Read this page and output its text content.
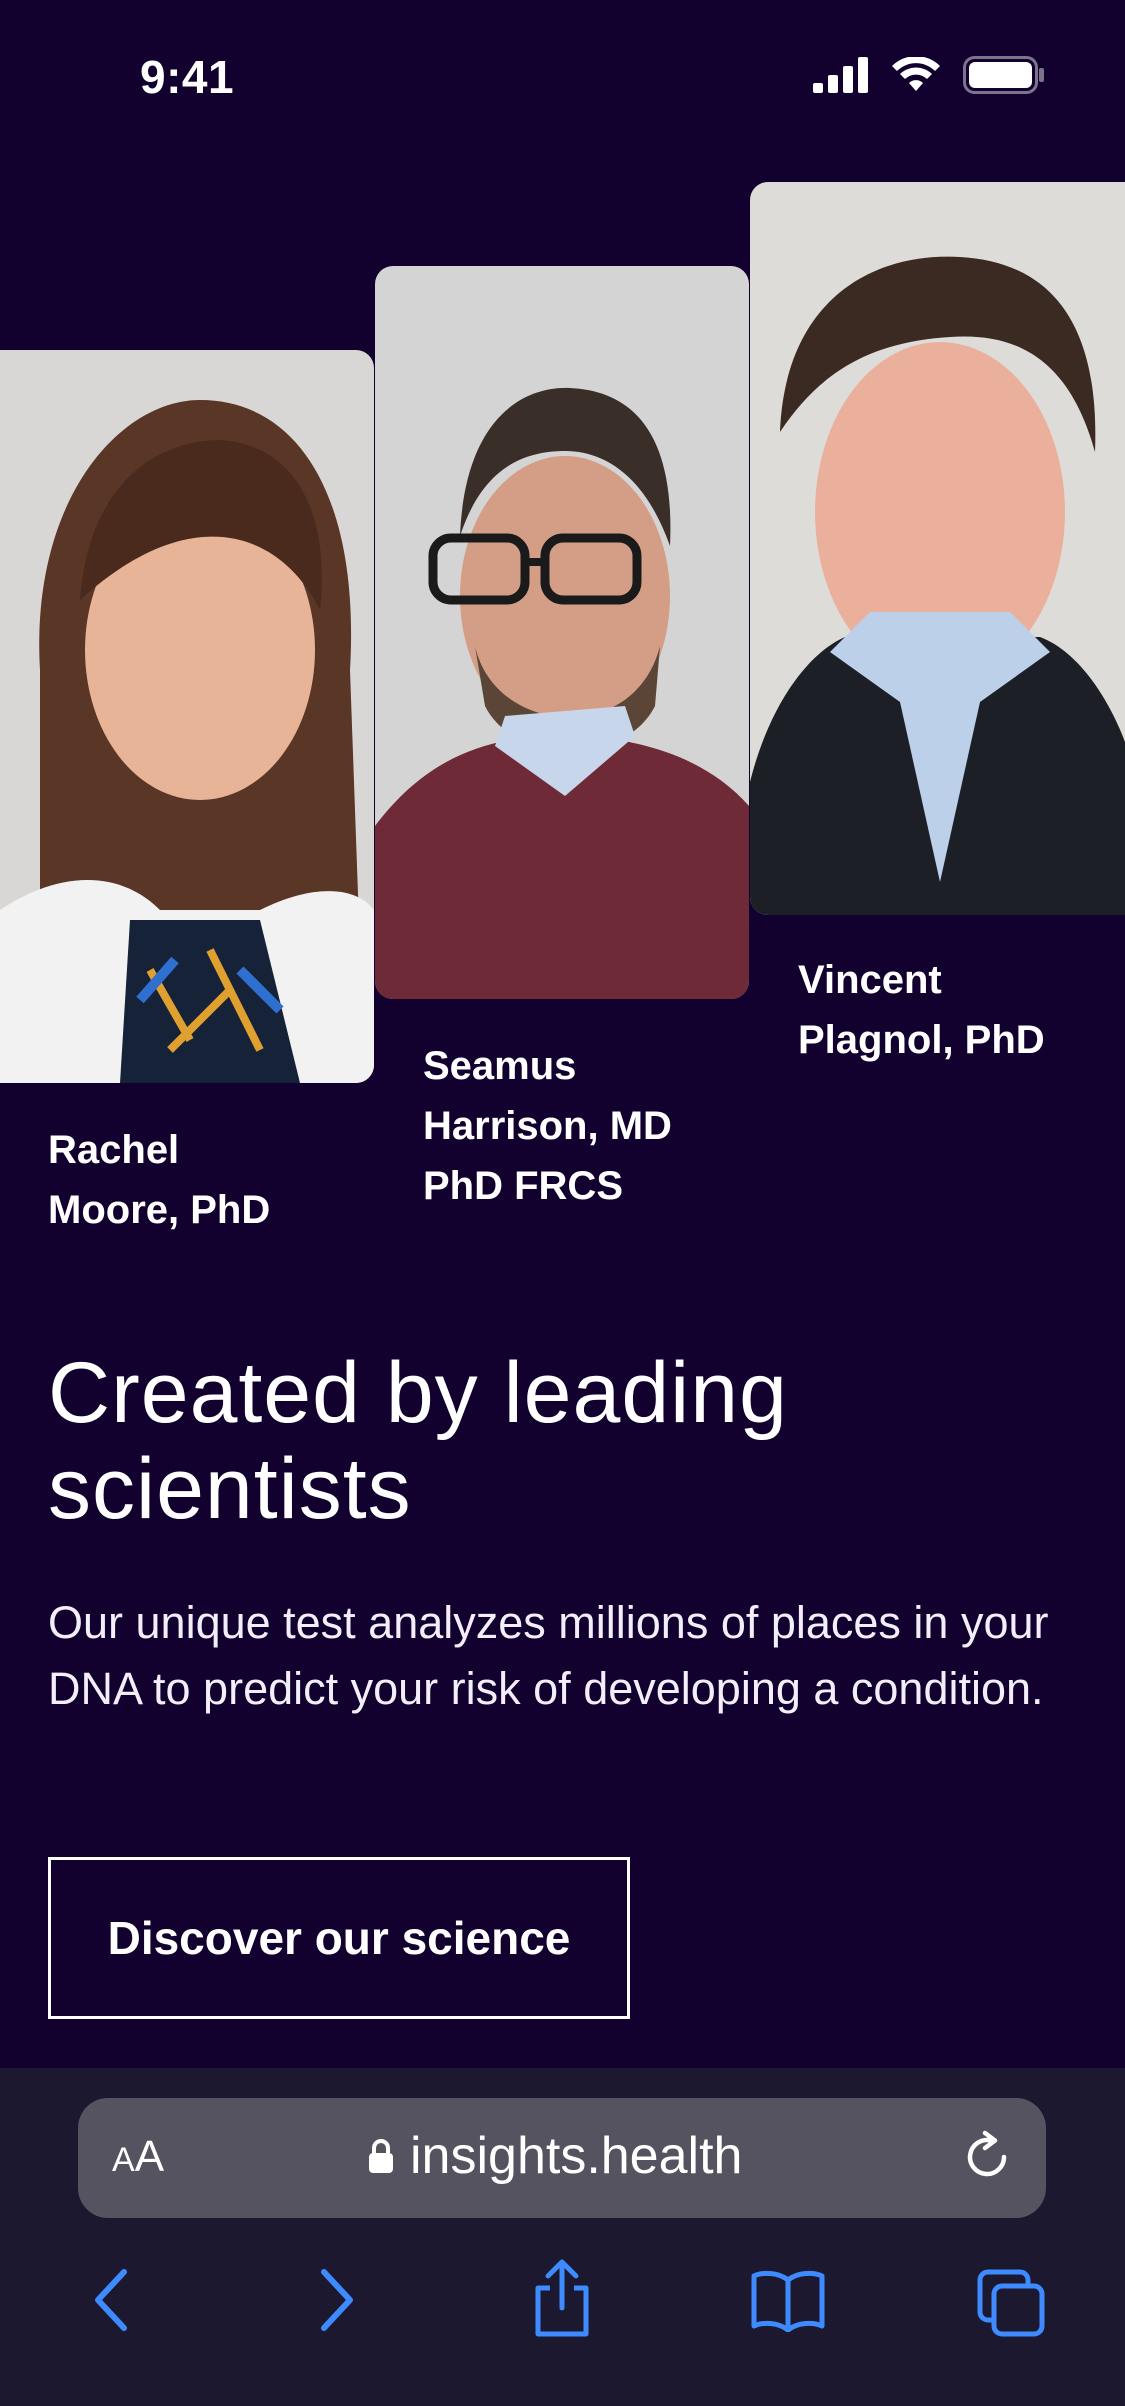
9:41
Rachel
Moore, PhD
Seamus
Harrison, MD
PhD FRCS
Vincent
Plagnol, PhD
Created by leading
scientists

Our unique test analyzes millions of places in your DNA to predict your risk of developing a condition.

Discover our science
AA	insights.health
